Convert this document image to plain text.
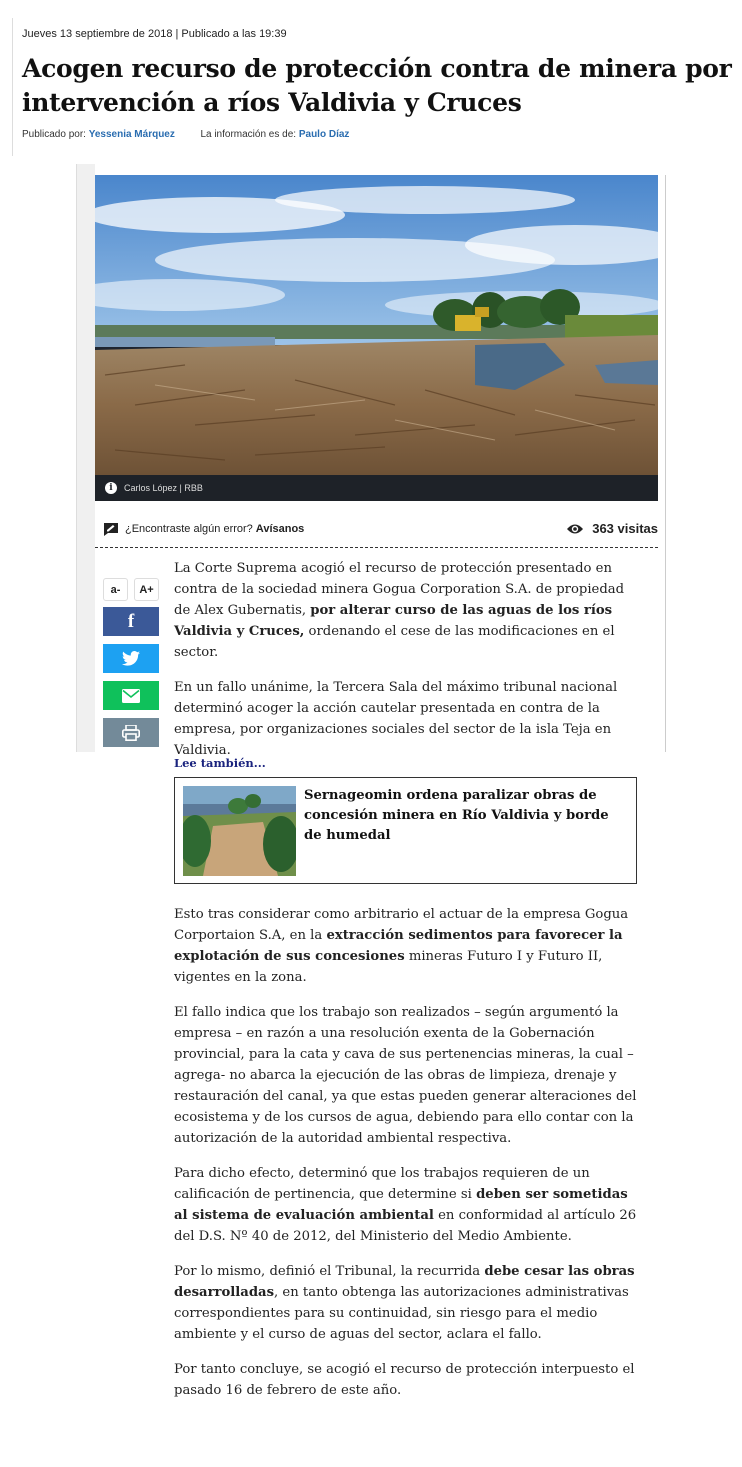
Jueves 13 septiembre de 2018 | Publicado a las 19:39
Acogen recurso de protección contra de minera por intervención a ríos Valdivia y Cruces
Publicado por: Yessenia Márquez	La información es de: Paulo Díaz
i	Carlos López | RBB
¿Encontraste algún error? Avísanos	363 visitas
a-	A+
f

La Corte Suprema acogió el recurso de protección presentado en contra de la sociedad minera Gogua Corporation S.A. de propiedad de Alex Gubernatis, por alterar curso de las aguas de los ríos Valdivia y Cruces, ordenando el cese de las modificaciones en el sector.

En un fallo unánime, la Tercera Sala del máximo tribunal nacional determinó acoger la acción cautelar presentada en contra de la empresa, por organizaciones sociales del sector de la isla Teja en Valdivia.

Lee también...
Sernageomin ordena paralizar obras de concesión minera en Río Valdivia y borde de humedal

Esto tras considerar como arbitrario el actuar de la empresa Gogua Corportaion S.A, en la extracción sedimentos para favorecer la explotación de sus concesiones mineras Futuro I y Futuro II, vigentes en la zona.

El fallo indica que los trabajo son realizados – según argumentó la empresa – en razón a una resolución exenta de la Gobernación provincial, para la cata y cava de sus pertenencias mineras, la cual – agrega- no abarca la ejecución de las obras de limpieza, drenaje y restauración del canal, ya que estas pueden generar alteraciones del ecosistema y de los cursos de agua, debiendo para ello contar con la autorización de la autoridad ambiental respectiva.

Para dicho efecto, determinó que los trabajos requieren de un calificación de pertinencia, que determine si deben ser sometidas al sistema de evaluación ambiental en conformidad al artículo 26 del D.S. Nº 40 de 2012, del Ministerio del Medio Ambiente.

Por lo mismo, definió el Tribunal, la recurrida debe cesar las obras desarrolladas, en tanto obtenga las autorizaciones administrativas correspondientes para su continuidad, sin riesgo para el medio ambiente y el curso de aguas del sector, aclara el fallo.

Por tanto concluye, se acogió el recurso de protección interpuesto el pasado 16 de febrero de este año.
